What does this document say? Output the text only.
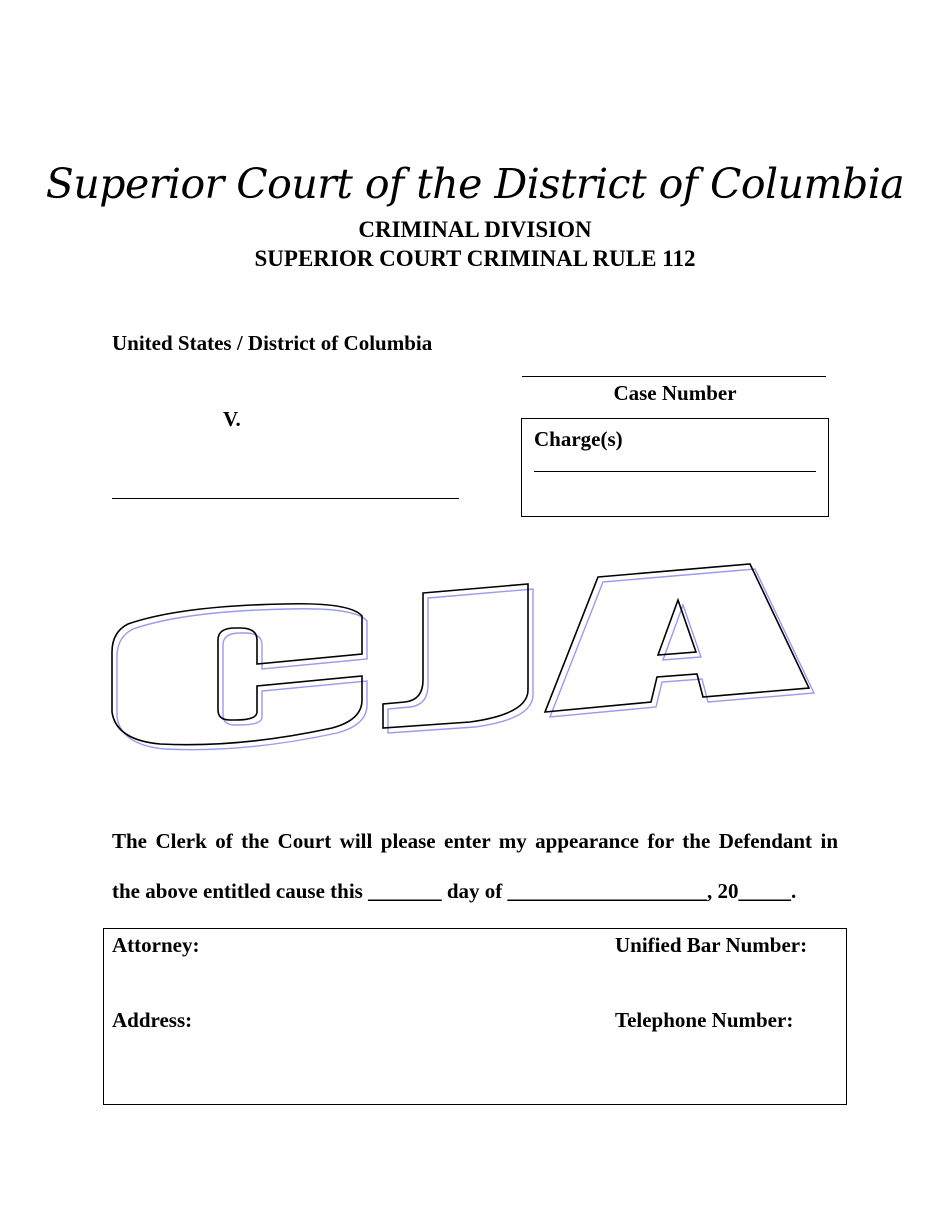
Superior Court of the District of Columbia
CRIMINAL DIVISION
SUPERIOR COURT CRIMINAL RULE 112
United States / District of Columbia
V.
Case Number
Charge(s)
The Clerk of the Court will please enter my appearance for the Defendant in
the above entitled cause this _______ day of ___________________, 20_____.
Attorney:	Unified Bar Number:
Address:	Telephone Number:
